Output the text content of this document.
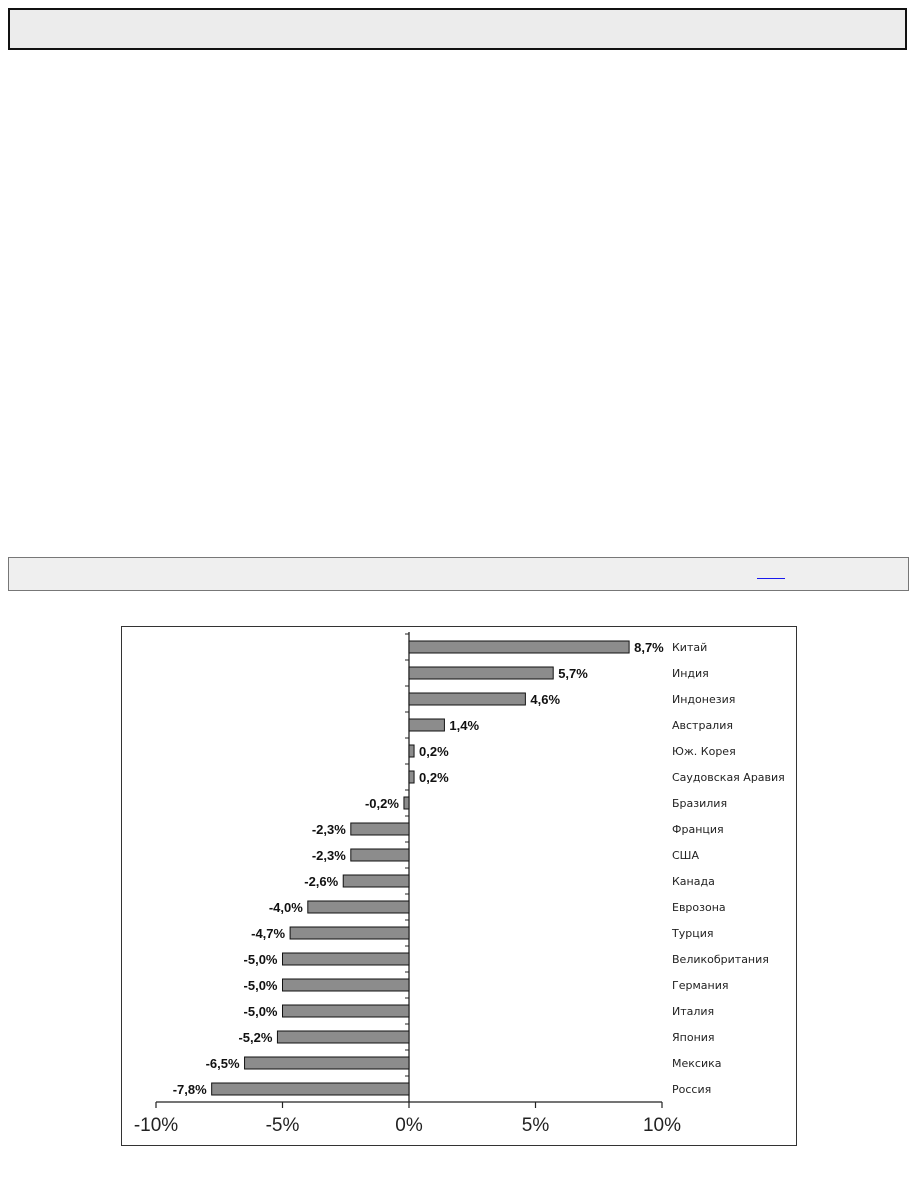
-10%	-5%	0%	5%	10%
8,7% Китай
5,7%	Индия
4,6%	Индонезия
1,4%	Австралия
0,2%	Юж. Корея
0,2%	Саудовская Аравия
-0,2%	Бразилия
-2,3%	Франция
-2,3%	США
-2,6%	Канада
-4,0%	Еврозона
-4,7%	Турция
-5,0%	Великобритания
-5,0%	Германия
-5,0%	Италия
-5,2%	Япония
-6,5%	Мексика
-7,8%	Россия
